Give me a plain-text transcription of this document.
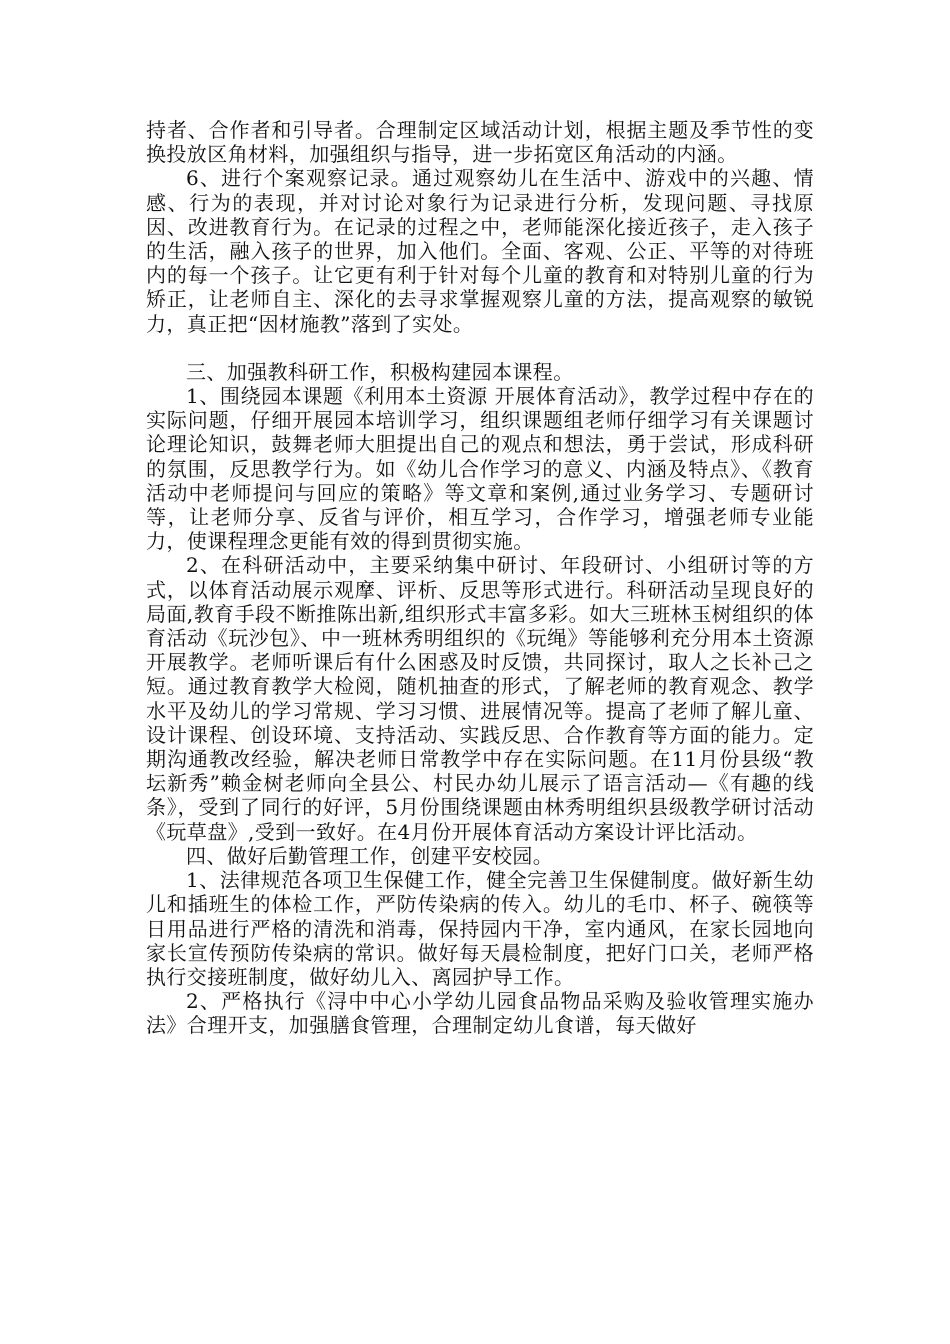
持者、合作者和引导者。合理制定区域活动计划，根据主题及季节性的变换投放区角材料，加强组织与指导，进一步拓宽区角活动的内涵。

6、进行个案观察记录。通过观察幼儿在生活中、游戏中的兴趣、情感、行为的表现，并对讨论对象行为记录进行分析，发现问题、寻找原因、改进教育行为。在记录的过程之中，老师能深化接近孩子，走入孩子的生活，融入孩子的世界，加入他们。全面、客观、公正、平等的对待班内的每一个孩子。让它更有利于针对每个儿童的教育和对特别儿童的行为矫正，让老师自主、深化的去寻求掌握观察儿童的方法，提高观察的敏锐力，真正把“因材施教”落到了实处。

三、加强教科研工作，积极构建园本课程。

1、围绕园本课题《利用本土资源 开展体育活动》，教学过程中存在的实际问题，仔细开展园本培训学习，组织课题组老师仔细学习有关课题讨论理论知识，鼓舞老师大胆提出自己的观点和想法，勇于尝试，形成科研的氛围，反思教学行为。如《幼儿合作学习的意义、内涵及特点》、《教育活动中老师提问与回应的策略》等文章和案例,通过业务学习、专题研讨等，让老师分享、反省与评价，相互学习，合作学习，增强老师专业能力，使课程理念更能有效的得到贯彻实施。

2、在科研活动中，主要采纳集中研讨、年段研讨、小组研讨等的方式，以体育活动展示观摩、评析、反思等形式进行。科研活动呈现良好的局面,教育手段不断推陈出新,组织形式丰富多彩。如大三班林玉树组织的体育活动《玩沙包》、中一班林秀明组织的《玩绳》等能够利充分用本土资源开展教学。老师听课后有什么困惑及时反馈，共同探讨，取人之长补己之短。通过教育教学大检阅，随机抽查的形式，了解老师的教育观念、教学水平及幼儿的学习常规、学习习惯、进展情况等。提高了老师了解儿童、设计课程、创设环境、支持活动、实践反思、合作教育等方面的能力。定期沟通教改经验，解决老师日常教学中存在实际问题。在11月份县级“教坛新秀”赖金树老师向全县公、村民办幼儿展示了语言活动—《有趣的线条》，受到了同行的好评，5月份围绕课题由林秀明组织县级教学研讨活动《玩草盘》,受到一致好。在4月份开展体育活动方案设计评比活动。

四、做好后勤管理工作，创建平安校园。

1、法律规范各项卫生保健工作，健全完善卫生保健制度。做好新生幼儿和插班生的体检工作，严防传染病的传入。幼儿的毛巾、杯子、碗筷等日用品进行严格的清洗和消毒，保持园内干净，室内通风，在家长园地向家长宣传预防传染病的常识。做好每天晨检制度，把好门口关，老师严格执行交接班制度，做好幼儿入、离园护导工作。

2、严格执行《浔中中心小学幼儿园食品物品采购及验收管理实施办法》合理开支，加强膳食管理，合理制定幼儿食谱，每天做好
